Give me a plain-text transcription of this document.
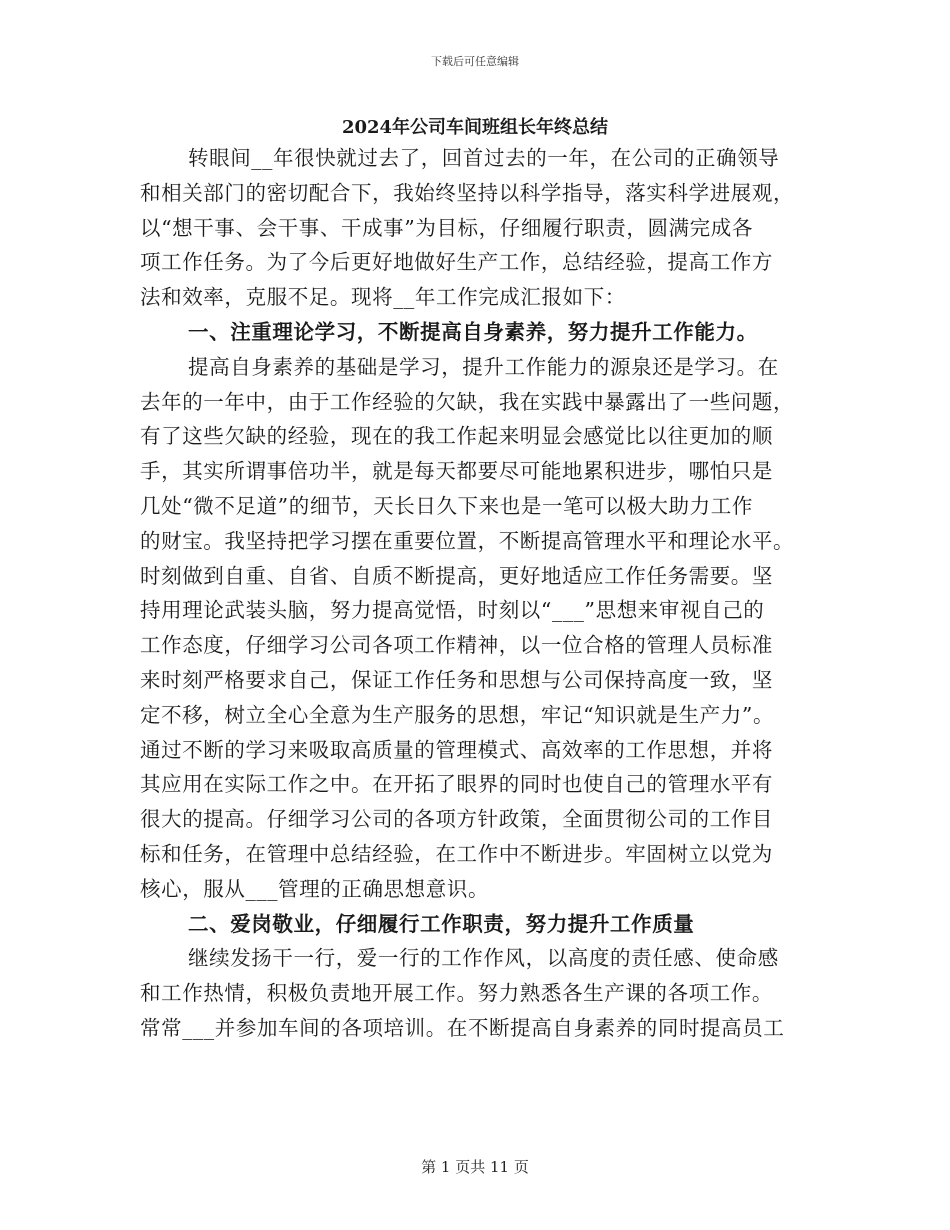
下载后可任意编辑
2024年公司车间班组长年终总结
转眼间__年很快就过去了，回首过去的一年，在公司的正确领导
和相关部门的密切配合下，我始终坚持以科学指导，落实科学进展观，
以“想干事、会干事、干成事”为目标，仔细履行职责，圆满完成各
项工作任务。为了今后更好地做好生产工作，总结经验，提高工作方
法和效率，克服不足。现将__年工作完成汇报如下：
一、注重理论学习，不断提高自身素养，努力提升工作能力。
提高自身素养的基础是学习，提升工作能力的源泉还是学习。在
去年的一年中，由于工作经验的欠缺，我在实践中暴露出了一些问题，
有了这些欠缺的经验，现在的我工作起来明显会感觉比以往更加的顺
手，其实所谓事倍功半，就是每天都要尽可能地累积进步，哪怕只是
几处“微不足道”的细节，天长日久下来也是一笔可以极大助力工作
的财宝。我坚持把学习摆在重要位置，不断提高管理水平和理论水平。
时刻做到自重、自省、自质不断提高，更好地适应工作任务需要。坚
持用理论武装头脑，努力提高觉悟，时刻以“___”思想来审视自己的
工作态度，仔细学习公司各项工作精神，以一位合格的管理人员标准
来时刻严格要求自己，保证工作任务和思想与公司保持高度一致，坚
定不移，树立全心全意为生产服务的思想，牢记“知识就是生产力”。
通过不断的学习来吸取高质量的管理模式、高效率的工作思想，并将
其应用在实际工作之中。在开拓了眼界的同时也使自己的管理水平有
很大的提高。仔细学习公司的各项方针政策，全面贯彻公司的工作目
标和任务，在管理中总结经验，在工作中不断进步。牢固树立以党为
核心，服从___管理的正确思想意识。
二、爱岗敬业，仔细履行工作职责，努力提升工作质量
继续发扬干一行，爱一行的工作作风，以高度的责任感、使命感
和工作热情，积极负责地开展工作。努力熟悉各生产课的各项工作。
常常___并参加车间的各项培训。在不断提高自身素养的同时提高员工
第 1 页共 11 页
